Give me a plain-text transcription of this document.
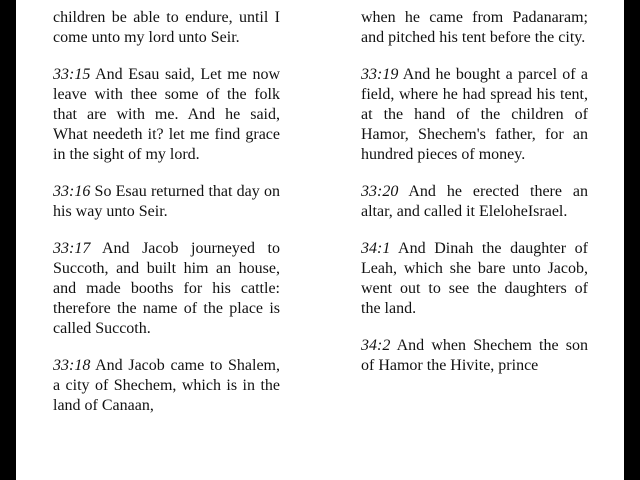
children be able to endure, until I come unto my lord unto Seir.

33:15 And Esau said, Let me now leave with thee some of the folk that are with me. And he said, What needeth it? let me find grace in the sight of my lord.

33:16 So Esau returned that day on his way unto Seir.

33:17 And Jacob journeyed to Succoth, and built him an house, and made booths for his cattle: therefore the name of the place is called Succoth.

33:18 And Jacob came to Shalem, a city of Shechem, which is in the land of Canaan,

when he came from Padanaram; and pitched his tent before the city.

33:19 And he bought a parcel of a field, where he had spread his tent, at the hand of the children of Hamor, Shechem's father, for an hundred pieces of money.

33:20 And he erected there an altar, and called it EleloheIsrael.

34:1 And Dinah the daughter of Leah, which she bare unto Jacob, went out to see the daughters of the land.

34:2 And when Shechem the son of Hamor the Hivite, prince
